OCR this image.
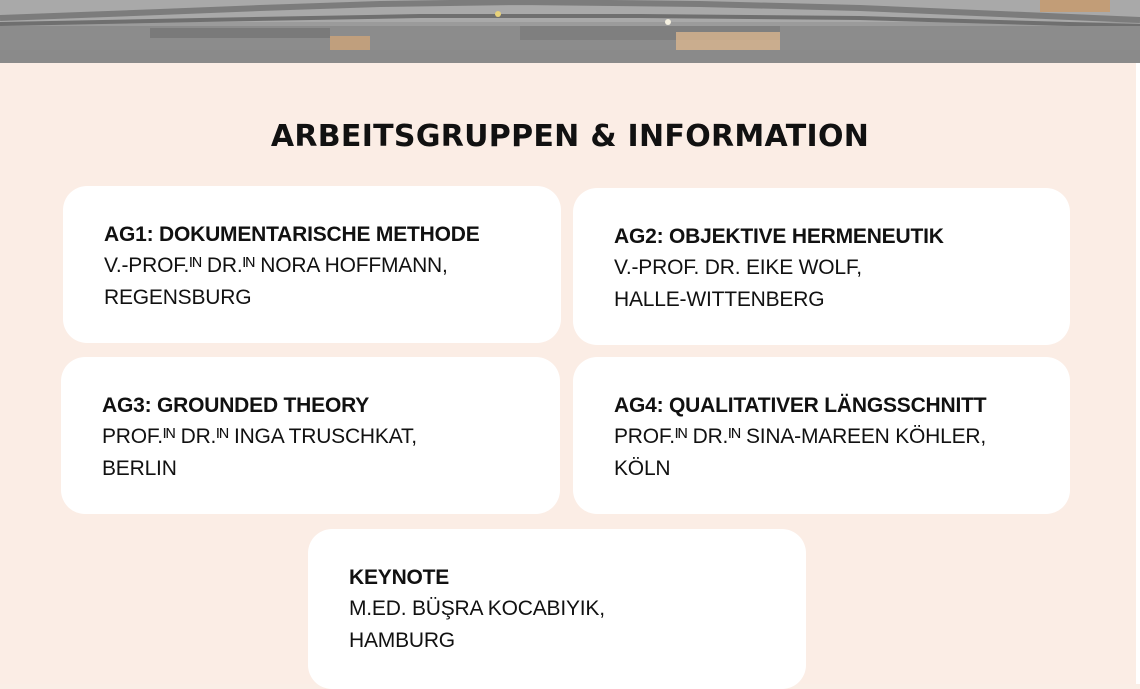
ARBEITSGRUPPEN & INFORMATION
AG1: DOKUMENTARISCHE METHODE
V.-PROF.ᴵᴺ DR.ᴵᴺ NORA HOFFMANN,
REGENSBURG
AG2: OBJEKTIVE HERMENEUTIK
V.-PROF. DR. EIKE WOLF,
HALLE-WITTENBERG
AG3: GROUNDED THEORY
PROF.ᴵᴺ DR.ᴵᴺ INGA TRUSCHKAT,
BERLIN
AG4: QUALITATIVER LÄNGSSCHNITT
PROF.ᴵᴺ DR.ᴵᴺ SINA-MAREEN KÖHLER,
KÖLN
KEYNOTE
M.ED. BÜŞRA KOCABIYIK,
HAMBURG
